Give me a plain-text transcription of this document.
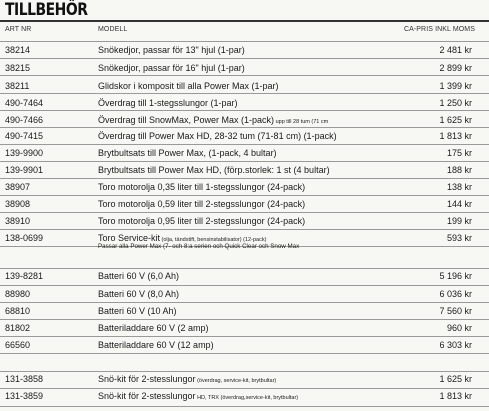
TILLBEHÖR
ART NR	MODELL	CA-PRIS INKL MOMS
38214	Snökedjor, passar för 13" hjul (1-par)	2 481 kr
38215	Snökedjor, passar för 16" hjul (1-par)	2 899 kr
38211	Glidskor i komposit till alla Power Max (1-par)	1 399 kr
490-7464	Överdrag till 1-stegsslungor (1-par)	1 250 kr
490-7466	Överdrag till SnowMax, Power Max (1-pack) upp till 28 tum (71 cm	1 625 kr
490-7415	Överdrag till Power Max HD, 28-32 tum (71-81 cm) (1-pack)	1 813 kr
139-9900	Brytbultsats till Power Max, (1-pack, 4 bultar)	175 kr
139-9901	Brytbultsats till Power Max HD, (förp.storlek: 1 st (4 bultar)	188 kr
38907	Toro motorolja 0,35 liter till 1-stegsslungor (24-pack)	138 kr
38908	Toro motorolja 0,59 liter till 2-stegsslungor (24-pack)	144 kr
38910	Toro motorolja 0,95 liter till 2-stegsslungor (24-pack)	199 kr
138-0699	Toro Service-kit (olja, tändstift, bensinstabilisator) (12-pack)	593 kr
Passar alla Power Max (7- och 8:a serien och Quick Clear och Snow Max
139-8281	Batteri 60 V (6,0 Ah)	5 196 kr
88980	Batteri 60 V (8,0 Ah)	6 036 kr
68810	Batteri 60 V (10 Ah)	7 560 kr
81802	Batteriladdare 60 V (2 amp)	960 kr
66560	Batteriladdare 60 V (12 amp)	6 303 kr
131-3858	Snö-kit för 2-stesslungor (överdrag, service-kit, brytbultar)	1 625 kr
131-3859	Snö-kit för 2-stesslungor HD, TRX (överdrag,service-kit, brytbultar)	1 813 kr
